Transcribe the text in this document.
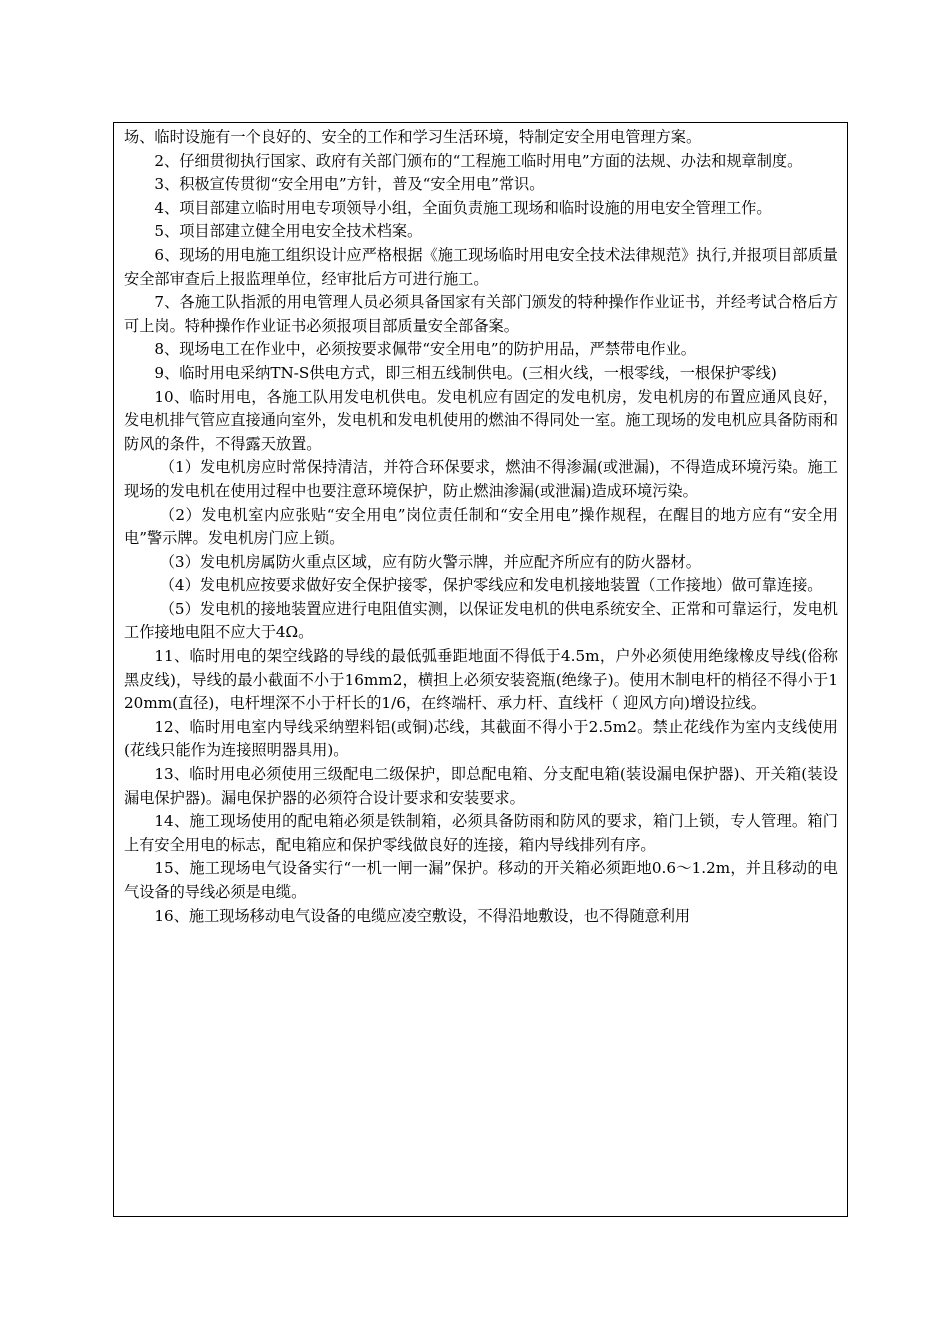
场、临时设施有一个良好的、安全的工作和学习生活环境，特制定安全用电管理方案。

2、仔细贯彻执行国家、政府有关部门颁布的“工程施工临时用电”方面的法规、办法和规章制度。

3、积极宣传贯彻“安全用电”方针，普及“安全用电”常识。

4、项目部建立临时用电专项领导小组，全面负责施工现场和临时设施的用电安全管理工作。

5、项目部建立健全用电安全技术档案。

6、现场的用电施工组织设计应严格根据《施工现场临时用电安全技术法律规范》执行,并报项目部质量安全部审查后上报监理单位，经审批后方可进行施工。

7、各施工队指派的用电管理人员必须具备国家有关部门颁发的特种操作作业证书，并经考试合格后方可上岗。特种操作作业证书必须报项目部质量安全部备案。

8、现场电工在作业中，必须按要求佩带“安全用电”的防护用品，严禁带电作业。

9、临时用电采纳TN-S供电方式，即三相五线制供电。(三相火线，一根零线，一根保护零线)

10、临时用电，各施工队用发电机供电。发电机应有固定的发电机房，发电机房的布置应通风良好，发电机排气管应直接通向室外，发电机和发电机使用的燃油不得同处一室。施工现场的发电机应具备防雨和防风的条件，不得露天放置。

（1）发电机房应时常保持清洁，并符合环保要求，燃油不得渗漏(或泄漏)，不得造成环境污染。施工现场的发电机在使用过程中也要注意环境保护，防止燃油渗漏(或泄漏)造成环境污染。

（2）发电机室内应张贴“安全用电”岗位责任制和“安全用电”操作规程，在醒目的地方应有“安全用电”警示牌。发电机房门应上锁。

（3）发电机房属防火重点区域，应有防火警示牌，并应配齐所应有的防火器材。

（4）发电机应按要求做好安全保护接零，保护零线应和发电机接地装置（工作接地）做可靠连接。

（5）发电机的接地装置应进行电阻值实测，以保证发电机的供电系统安全、正常和可靠运行，发电机工作接地电阻不应大于4Ω。

11、临时用电的架空线路的导线的最低弧垂距地面不得低于4.5m，户外必须使用绝缘橡皮导线(俗称黑皮线)，导线的最小截面不小于16mm2，横担上必须安装瓷瓶(绝缘子)。使用木制电杆的梢径不得小于120mm(直径)，电杆埋深不小于杆长的1/6，在终端杆、承力杆、直线杆（ 迎风方向)增设拉线。

12、临时用电室内导线采纳塑料铝(或铜)芯线，其截面不得小于2.5m2。禁止花线作为室内支线使用(花线只能作为连接照明器具用)。

13、临时用电必须使用三级配电二级保护，即总配电箱、分支配电箱(装设漏电保护器)、开关箱(装设漏电保护器)。漏电保护器的必须符合设计要求和安装要求。

14、施工现场使用的配电箱必须是铁制箱，必须具备防雨和防风的要求，箱门上锁，专人管理。箱门上有安全用电的标志，配电箱应和保护零线做良好的连接，箱内导线排列有序。

15、施工现场电气设备实行“一机一闸一漏”保护。移动的开关箱必须距地0.6～1.2m，并且移动的电气设备的导线必须是电缆。

16、施工现场移动电气设备的电缆应凌空敷设，不得沿地敷设，也不得随意利用
